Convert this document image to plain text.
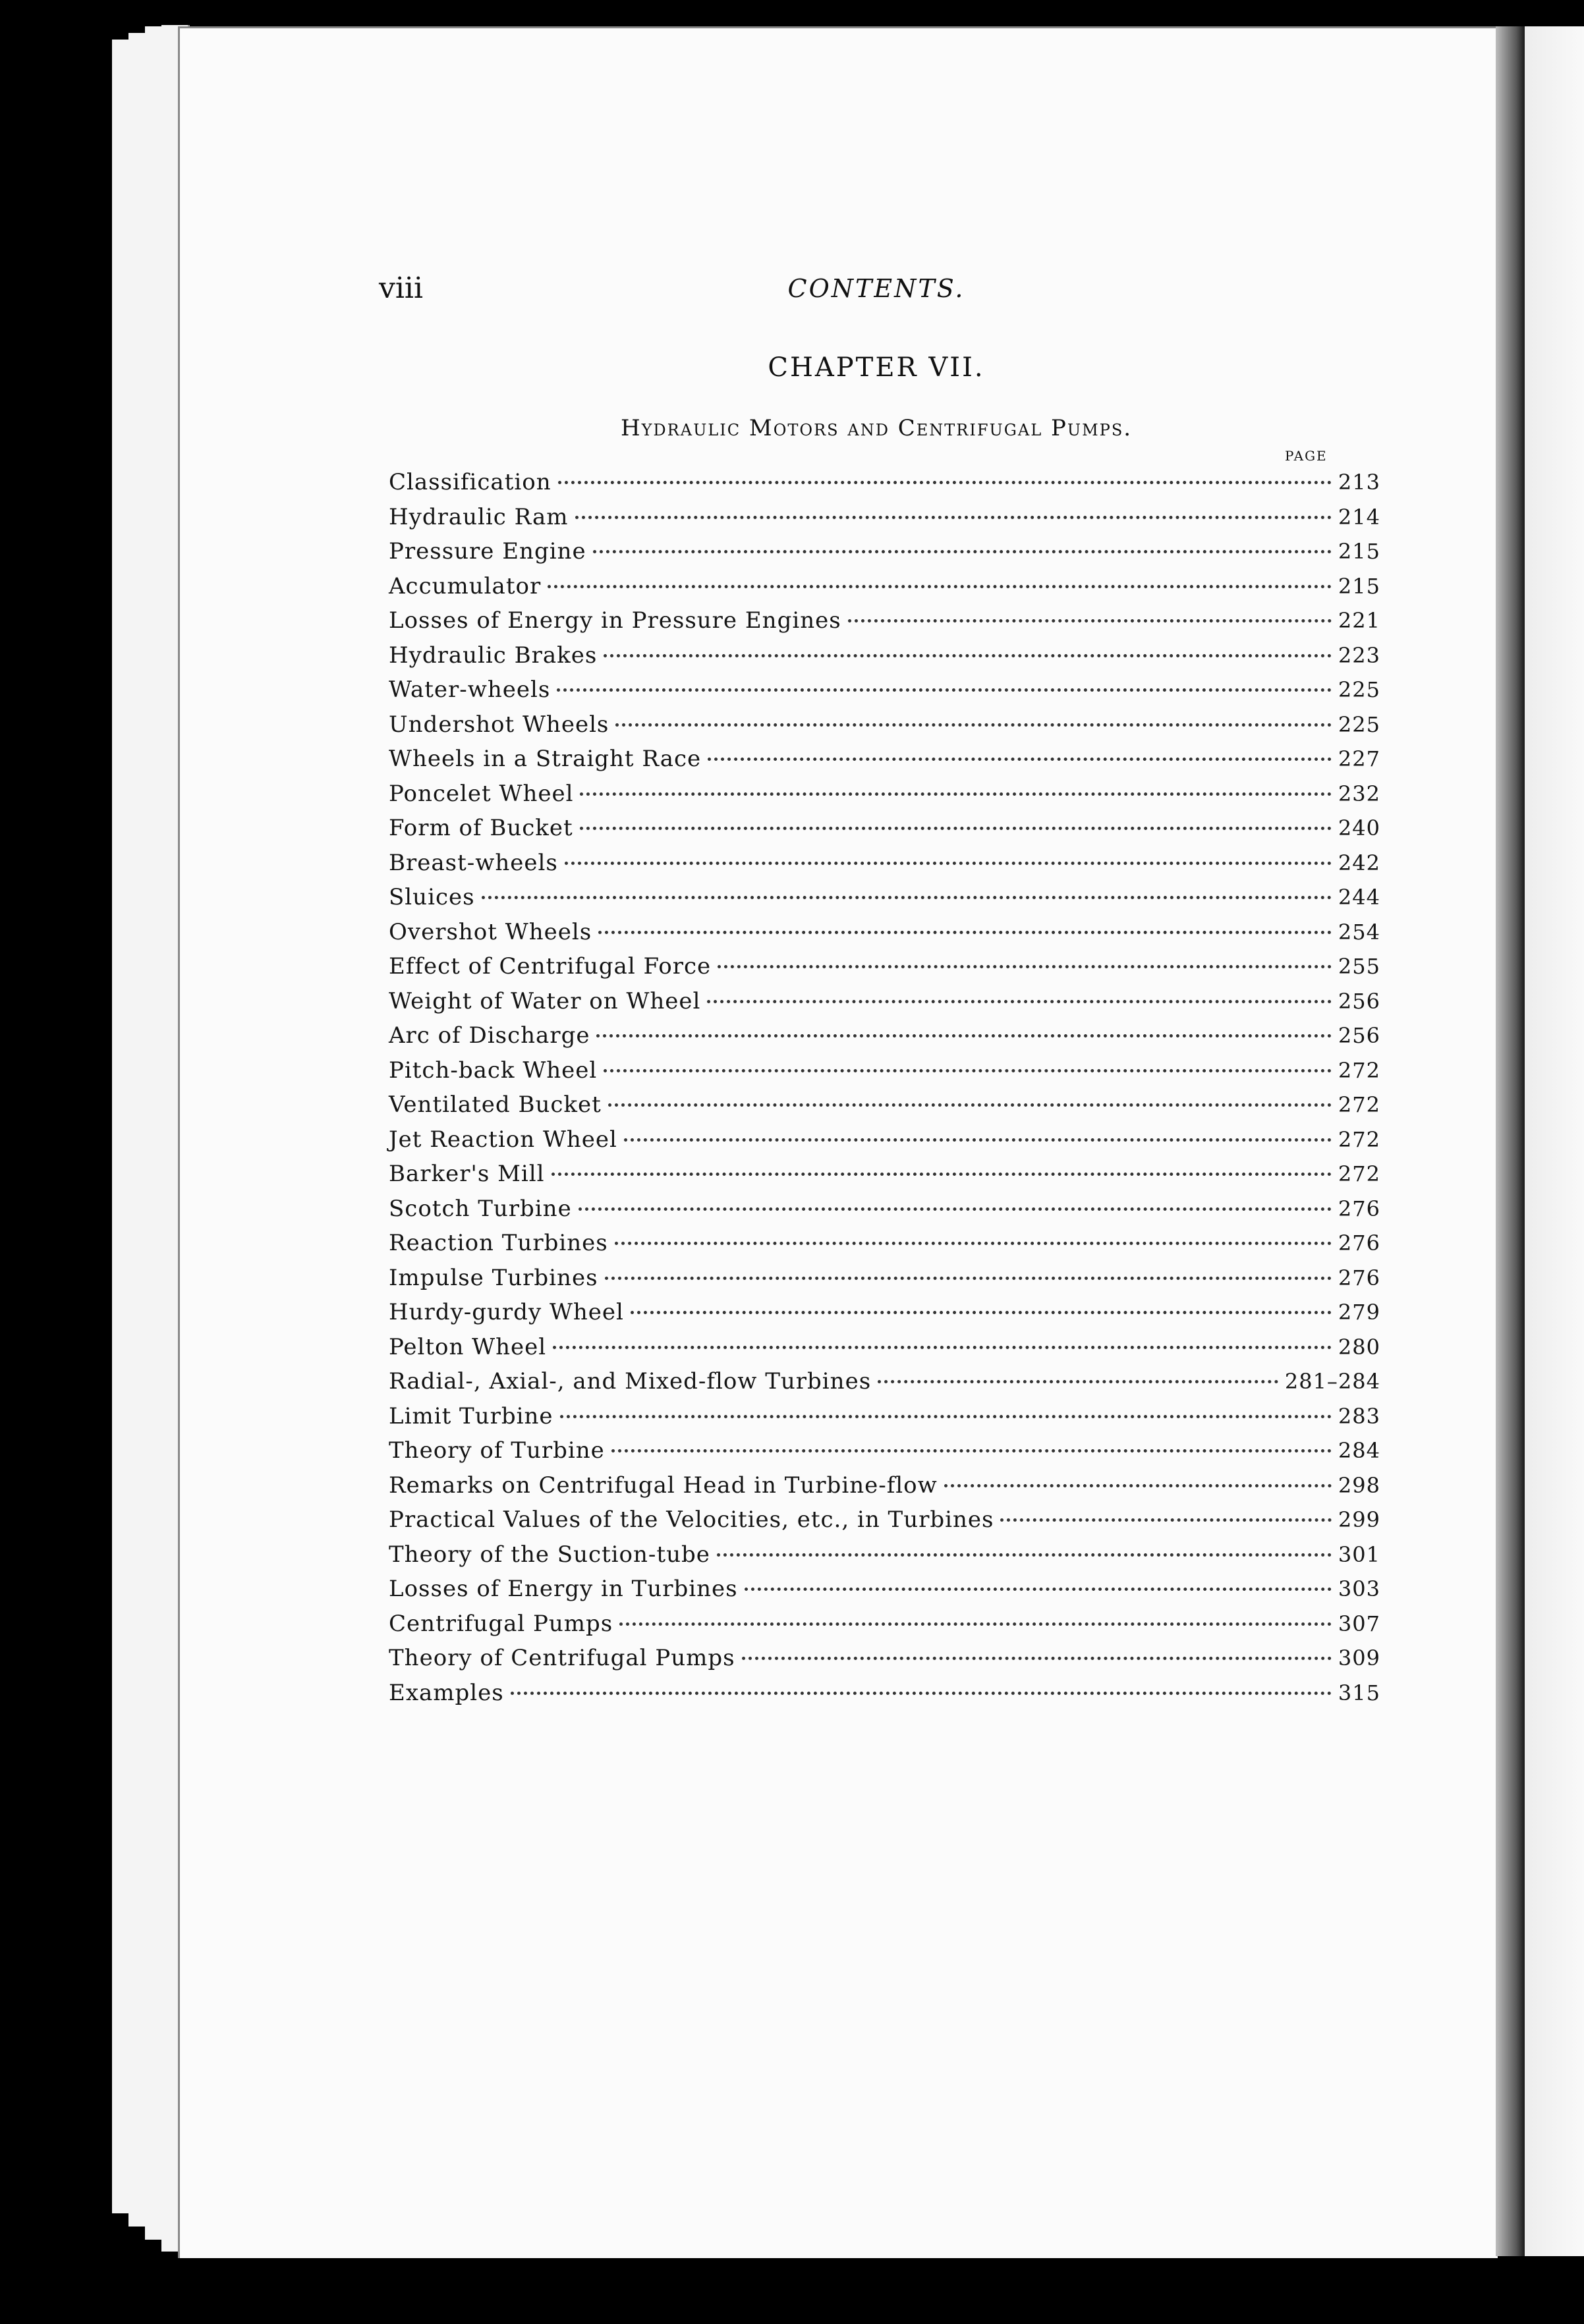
viii	CONTENTS.
CHAPTER VII.
Hydraulic Motors and Centrifugal Pumps.
PAGE
Classification	213
Hydraulic Ram	214
Pressure Engine	215
Accumulator	215
Losses of Energy in Pressure Engines	221
Hydraulic Brakes	223
Water-wheels	225
Undershot Wheels	225
Wheels in a Straight Race	227
Poncelet Wheel	232
Form of Bucket	240
Breast-wheels	242
Sluices	244
Overshot Wheels	254
Effect of Centrifugal Force	255
Weight of Water on Wheel	256
Arc of Discharge	256
Pitch-back Wheel	272
Ventilated Bucket	272
Jet Reaction Wheel	272
Barker's Mill	272
Scotch Turbine	276
Reaction Turbines	276
Impulse Turbines	276
Hurdy-gurdy Wheel	279
Pelton Wheel	280
Radial-, Axial-, and Mixed-flow Turbines	281–284
Limit Turbine	283
Theory of Turbine	284
Remarks on Centrifugal Head in Turbine-flow	298
Practical Values of the Velocities, etc., in Turbines	299
Theory of the Suction-tube	301
Losses of Energy in Turbines	303
Centrifugal Pumps	307
Theory of Centrifugal Pumps	309
Examples	315
